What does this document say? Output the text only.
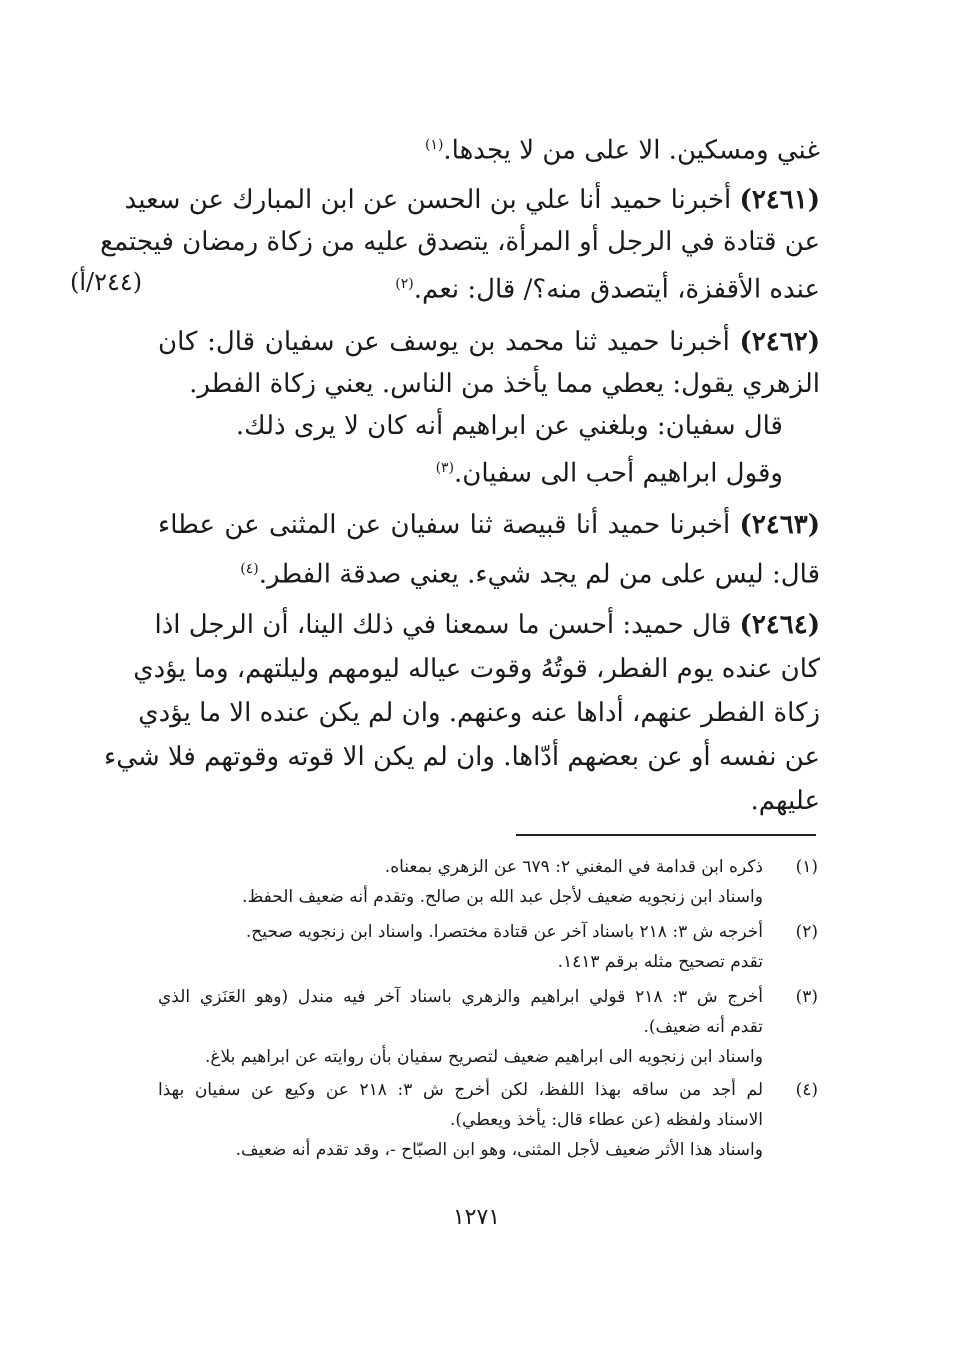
غني ومسكين. الا على من لا يجدها.$^{(١)}$
(٢٤٦١) أخبرنا حميد أنا علي بن الحسن عن ابن المبارك عن سعيد
عن قتادة في الرجل أو المرأة، يتصدق عليه من زكاة رمضان فيجتمع
عنده الأقفزة، أيتصدق منه؟/ قال: نعم.$^{(٢)}$
(٢٤٤/أ)
(٢٤٦٢) أخبرنا حميد ثنا محمد بن يوسف عن سفيان قال: كان
الزهري يقول: يعطي مما يأخذ من الناس. يعني زكاة الفطر.
قال سفيان: وبلغني عن ابراهيم أنه كان لا يرى ذلك.
وقول ابراهيم أحب الى سفيان.$^{(٣)}$
(٢٤٦٣) أخبرنا حميد أنا قبيصة ثنا سفيان عن المثنى عن عطاء
قال: ليس على من لم يجد شيء. يعني صدقة الفطر.$^{(٤)}$
(٢٤٦٤) قال حميد: أحسن ما سمعنا في ذلك الينا، أن الرجل اذا
كان عنده يوم الفطر، قوتُهُ وقوت عياله ليومهم وليلتهم، وما يؤدي
زكاة الفطر عنهم، أداها عنه وعنهم. وان لم يكن عنده الا ما يؤدي
عن نفسه أو عن بعضهم أدّاها. وان لم يكن الا قوته وقوتهم فلا شيء
عليهم.
(١)
ذكره ابن قدامة في المغني ٢: ٦٧٩ عن الزهري بمعناه.
واسناد ابن زنجويه ضعيف لأجل عبد الله بن صالح. وتقدم أنه ضعيف الحفظ.
(٢)
أخرجه ش ٣: ٢١٨ باسناد آخر عن قتادة مختصرا. واسناد ابن زنجويه صحيح.
تقدم تصحيح مثله برقم ١٤١٣.
(٣)
أخرج ش ٣: ٢١٨ قولي ابراهيم والزهري باسناد آخر فيه مندل (وهو العَنَزي الذي
تقدم أنه ضعيف).
واسناد ابن زنجويه الى ابراهيم ضعيف لتصريح سفيان بأن روايته عن ابراهيم بلاغ.
(٤)
لم أجد من ساقه بهذا اللفظ، لكن أخرج ش ٣: ٢١٨ عن وكيع عن سفيان بهذا
الاسناد ولفظه (عن عطاء قال: يأخذ ويعطي).
واسناد هذا الأثر ضعيف لأجل المثنى، وهو ابن الصبّاح -، وقد تقدم أنه ضعيف.
١٢٧١
